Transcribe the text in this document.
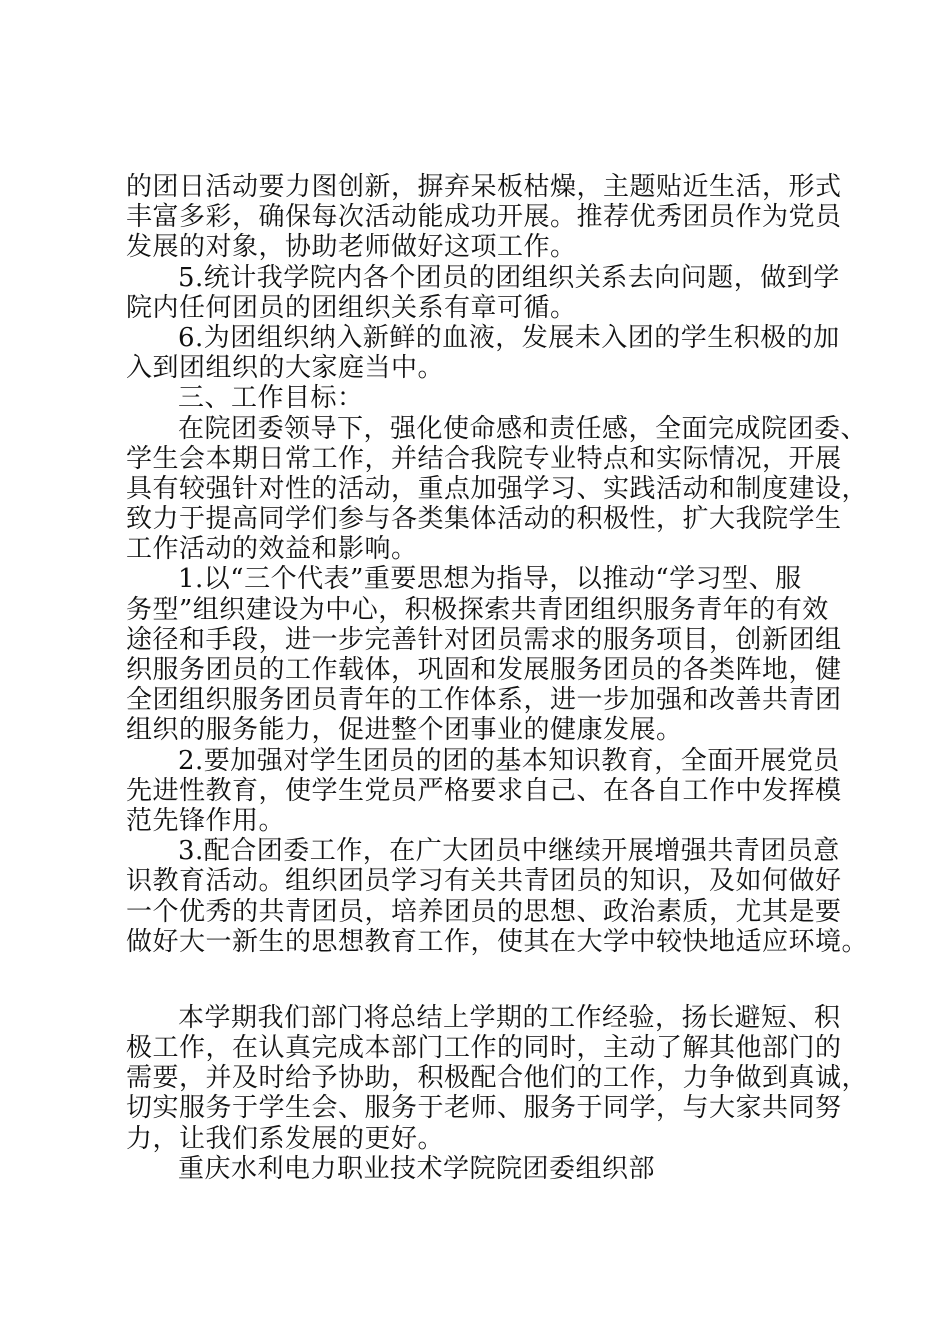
的团日活动要力图创新，摒弃呆板枯燥，主题贴近生活，形式
丰富多彩，确保每次活动能成功开展。推荐优秀团员作为党员
发展的对象，协助老师做好这项工作。
5.统计我学院内各个团员的团组织关系去向问题，做到学
院内任何团员的团组织关系有章可循。
6.为团组织纳入新鲜的血液，发展未入团的学生积极的加
入到团组织的大家庭当中。
三、工作目标：
在院团委领导下，强化使命感和责任感，全面完成院团委、
学生会本期日常工作，并结合我院专业特点和实际情况，开展
具有较强针对性的活动，重点加强学习、实践活动和制度建设，
致力于提高同学们参与各类集体活动的积极性，扩大我院学生
工作活动的效益和影响。
1.以“三个代表”重要思想为指导，以推动“学习型、服
务型”组织建设为中心，积极探索共青团组织服务青年的有效
途径和手段，进一步完善针对团员需求的服务项目，创新团组
织服务团员的工作载体，巩固和发展服务团员的各类阵地，健
全团组织服务团员青年的工作体系，进一步加强和改善共青团
组织的服务能力，促进整个团事业的健康发展。
2.要加强对学生团员的团的基本知识教育，全面开展党员
先进性教育，使学生党员严格要求自己、在各自工作中发挥模
范先锋作用。
3.配合团委工作，在广大团员中继续开展增强共青团员意
识教育活动。组织团员学习有关共青团员的知识，及如何做好
一个优秀的共青团员，培养团员的思想、政治素质，尤其是要
做好大一新生的思想教育工作，使其在大学中较快地适应环境。
本学期我们部门将总结上学期的工作经验，扬长避短、积
极工作，在认真完成本部门工作的同时，主动了解其他部门的
需要，并及时给予协助，积极配合他们的工作，力争做到真诚，
切实服务于学生会、服务于老师、服务于同学，与大家共同努
力，让我们系发展的更好。
重庆水利电力职业技术学院院团委组织部
